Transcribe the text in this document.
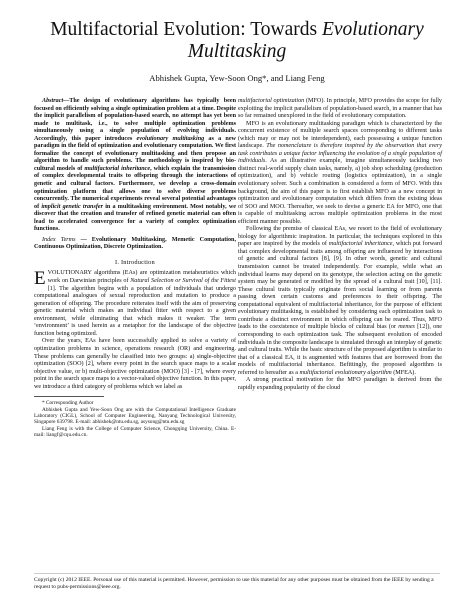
Multifactorial Evolution: Towards Evolutionary
Multitasking
Abhishek Gupta, Yew-Soon Ong*, and Liang Feng

Abstract—The design of evolutionary algorithms has typically been focused on efficiently solving a single optimization problem at a time. Despite the implicit parallelism of population-based search, no attempt has yet been made to multitask, i.e., to solve multiple optimization problems simultaneously using a single population of evolving individuals. Accordingly, this paper introduces evolutionary multitasking as a new paradigm in the field of optimization and evolutionary computation. We first formalize the concept of evolutionary multitasking and then propose an algorithm to handle such problems. The methodology is inspired by bio-cultural models of multifactorial inheritance, which explain the transmission of complex developmental traits to offspring through the interactions of genetic and cultural factors. Furthermore, we develop a cross-domain optimization platform that allows one to solve diverse problems concurrently. The numerical experiments reveal several potential advantages of implicit genetic transfer in a multitasking environment. Most notably, we discover that the creation and transfer of refined genetic material can often lead to accelerated convergence for a variety of complex optimization functions.

Index Terms — Evolutionary Multitasking, Memetic Computation, Continuous Optimization, Discrete Optimization.

I. Introduction

EVOLUTIONARY algorithms (EAs) are optimization metaheuristics which work on Darwinian principles of Natural Selection or Survival of the Fittest [1]. The algorithm begins with a population of individuals that undergo computational analogues of sexual reproduction and mutation to produce a generation of offspring. The procedure reiterates itself with the aim of preserving genetic material which makes an individual fitter with respect to a given environment, while eliminating that which makes it weaker. The term ‘environment’ is used herein as a metaphor for the landscape of the objective function being optimized.

Over the years, EAs have been successfully applied to solve a variety of optimization problems in science, operations research (OR) and engineering. These problems can generally be classified into two groups: a) single-objective optimization (SOO) [2], where every point in the search space maps to a scalar objective value, or b) multi-objective optimization (MOO) [3] - [7], where every point in the search space maps to a vector-valued objective function. In this paper, we introduce a third category of problems which we label as

* Corresponding Author

Abhishek Gupta and Yew-Soon Ong are with the Computational Intelligence Graduate Laboratory (CIGL), School of Computer Engineering, Nanyang Technological University, Singapore 639798. E-mail: abhishek@ntu.edu.sg, asysong@ntu.edu.sg

Liang Feng is with the College of Computer Science, Chongqing University, China. E-mail: liangf@cqu.edu.cn.

multifactorial optimization (MFO). In principle, MFO provides the scope for fully exploiting the implicit parallelism of population-based search, in a manner that has so far remained unexplored in the field of evolutionary computation.

MFO is an evolutionary multitasking paradigm which is characterized by the concurrent existence of multiple search spaces corresponding to different tasks (which may or may not be interdependent), each possessing a unique function landscape. The nomenclature is therefore inspired by the observation that every task contributes a unique factor influencing the evolution of a single population of individuals. As an illustrative example, imagine simultaneously tackling two distinct real-world supply chain tasks, namely, a) job shop scheduling (production optimization), and b) vehicle routing (logistics optimization), in a single evolutionary solver. Such a combination is considered a form of MFO. With this background, the aim of this paper is to first establish MFO as a new concept in optimization and evolutionary computation which differs from the existing ideas of SOO and MOO. Thereafter, we seek to devise a generic EA for MFO, one that is capable of multitasking across multiple optimization problems in the most efficient manner possible.

Following the premise of classical EAs, we resort to the field of evolutionary biology for algorithmic inspiration. In particular, the techniques explored in this paper are inspired by the models of multifactorial inheritance, which put forward that complex developmental traits among offspring are influenced by interactions of genetic and cultural factors [8], [9]. In other words, genetic and cultural transmission cannot be treated independently. For example, while what an individual learns may depend on its genotype, the selection acting on the genetic system may be generated or modified by the spread of a cultural trait [10], [11]. These cultural traits typically originate from social learning or from parents passing down certain customs and preferences to their offspring. The computational equivalent of multifactorial inheritance, for the purpose of efficient evolutionary multitasking, is established by considering each optimization task to contribute a distinct environment in which offspring can be reared. Thus, MFO leads to the coexistence of multiple blocks of cultural bias (or memes [12]), one corresponding to each optimization task. The subsequent evolution of encoded individuals in the composite landscape is simulated through an interplay of genetic and cultural traits. While the basic structure of the proposed algorithm is similar to that of a classical EA, it is augmented with features that are borrowed from the models of multifactorial inheritance. Befittingly, the proposed algorithm is referred to hereafter as a multifactorial evolutionary algorithm (MFEA).

A strong practical motivation for the MFO paradigm is derived from the rapidly expanding popularity of the cloud

Copyright (c) 2012 IEEE. Personal use of this material is permitted. However, permission to use this material for any other purposes must be obtained from the IEEE by sending a request to pubs-permissions@ieee.org.
